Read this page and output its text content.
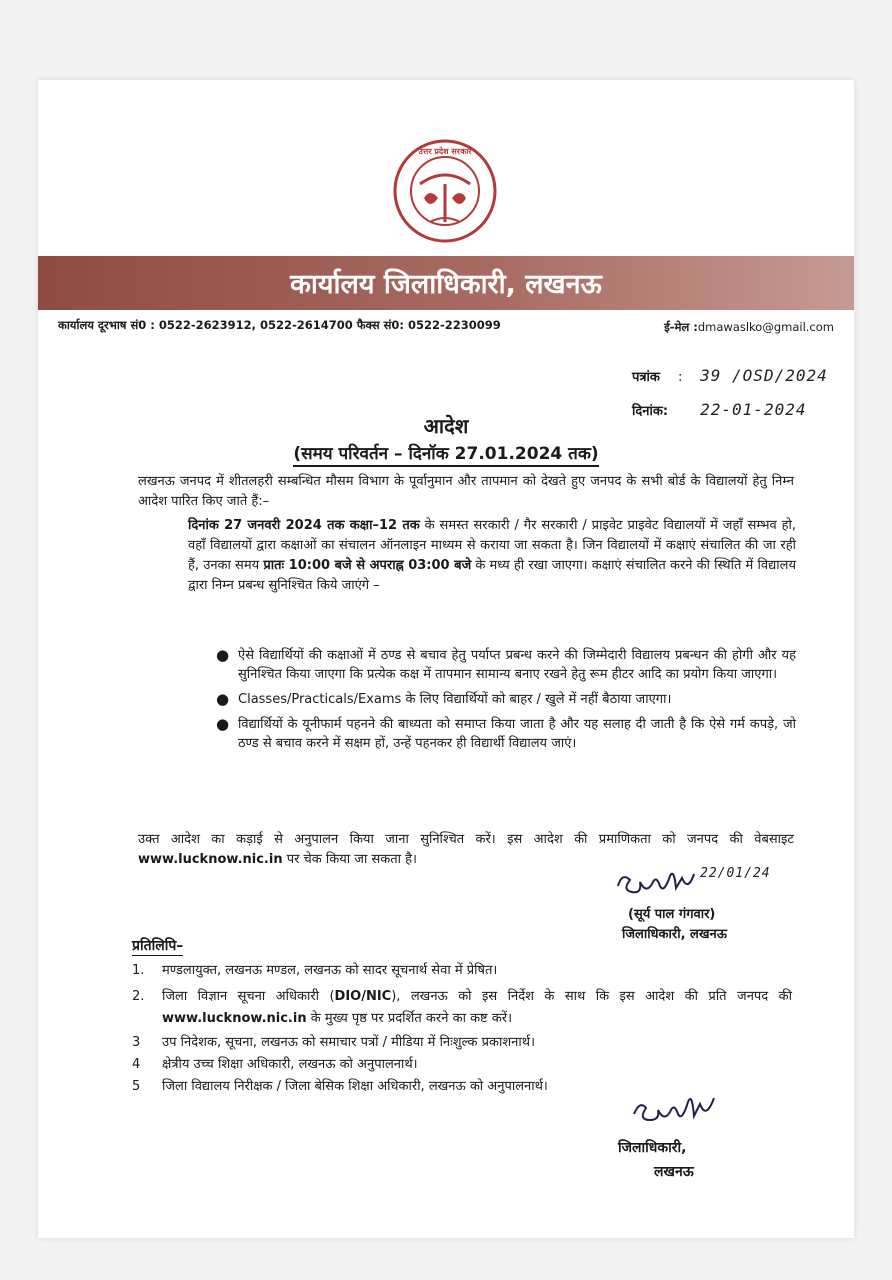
उत्तर प्रदेश सरकार
कार्यालय जिलाधिकारी, लखनऊ
कार्यालय दूरभाष सं0 : 0522-2623912, 0522-2614700 फैक्स सं0: 0522-2230099	ई-मेल :dmawaslko@gmail.com
पत्रांक : 39 /OSD/2024
दिनांक: 22-01-2024
आदेश
(समय परिवर्तन – दिनॉक 27.01.2024 तक)
लखनऊ जनपद में शीतलहरी सम्बन्धित मौसम विभाग के पूर्वानुमान और तापमान को देखते हुए जनपद के सभी बोर्ड के विद्यालयों हेतु निम्न आदेश पारित किए जाते हैं:–
दिनांक 27 जनवरी 2024 तक कक्षा–12 तक के समस्त सरकारी / गैर सरकारी / प्राइवेट प्राइवेट विद्यालयों में जहाँ सम्भव हो, वहाँ विद्यालयों द्वारा कक्षाओं का संचालन ऑनलाइन माध्यम से कराया जा सकता है। जिन विद्यालयों में कक्षाएं संचालित की जा रही हैं, उनका समय प्रातः 10:00 बजे से अपराह्न 03:00 बजे के मध्य ही रखा जाएगा। कक्षाएं संचालित करने की स्थिति में विद्यालय द्वारा निम्न प्रबन्ध सुनिश्चित किये जाएंगे –
● ऐसे विद्यार्थियों की कक्षाओं में ठण्ड से बचाव हेतु पर्याप्त प्रबन्ध करने की जिम्मेदारी विद्यालय प्रबन्धन की होगी और यह सुनिश्चित किया जाएगा कि प्रत्येक कक्ष में तापमान सामान्य बनाए रखने हेतु रूम हीटर आदि का प्रयोग किया जाएगा।
● Classes/Practicals/Exams के लिए विद्यार्थियों को बाहर / खुले में नहीं बैठाया जाएगा।
● विद्यार्थियों के यूनीफार्म पहनने की बाध्यता को समाप्त किया जाता है और यह सलाह दी जाती है कि ऐसे गर्म कपड़े, जो ठण्ड से बचाव करने में सक्षम हों, उन्हें पहनकर ही विद्यार्थी विद्यालय जाएं।
उक्त आदेश का कड़ाई से अनुपालन किया जाना सुनिश्चित करें। इस आदेश की प्रमाणिकता को जनपद की वेबसाइट www.lucknow.nic.in पर चेक किया जा सकता है।
22/01/24
(सूर्य पाल गंगवार)
जिलाधिकारी, लखनऊ
प्रतिलिपि–
1. मण्डलायुक्त, लखनऊ मण्डल, लखनऊ को सादर सूचनार्थ सेवा में प्रेषित।
2. जिला विज्ञान सूचना अधिकारी (DIO/NIC), लखनऊ को इस निर्देश के साथ कि इस आदेश की प्रति जनपद की www.lucknow.nic.in के मुख्य पृष्ठ पर प्रदर्शित करने का कष्ट करें।
3 उप निदेशक, सूचना, लखनऊ को समाचार पत्रों / मीडिया में निःशुल्क प्रकाशनार्थ।
4 क्षेत्रीय उच्च शिक्षा अधिकारी, लखनऊ को अनुपालनार्थ।
5 जिला विद्यालय निरीक्षक / जिला बेसिक शिक्षा अधिकारी, लखनऊ को अनुपालनार्थ।
जिलाधिकारी,
लखनऊ
